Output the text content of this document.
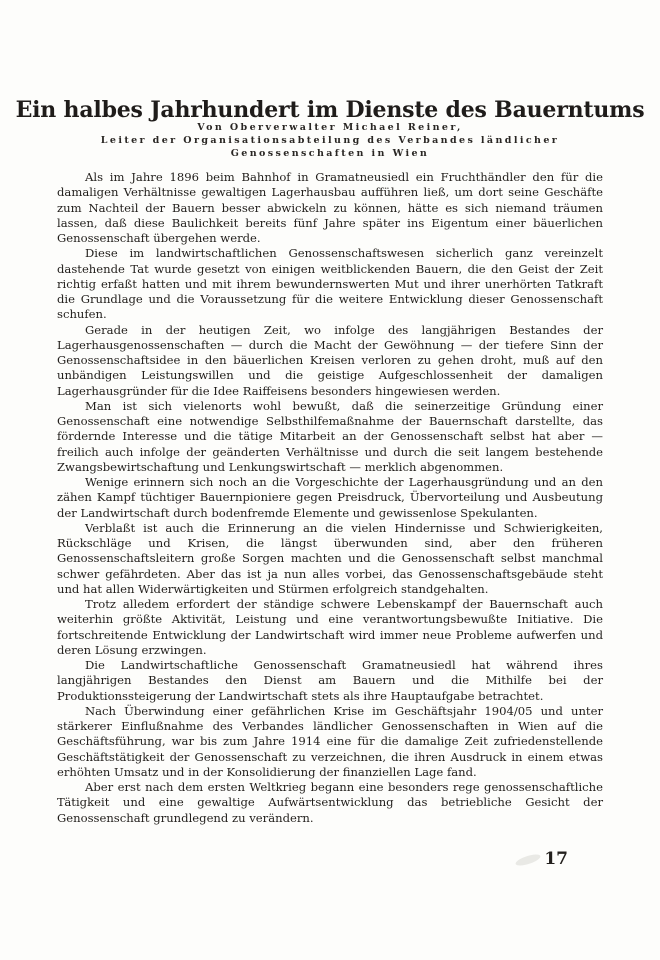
Ein halbes Jahrhundert im Dienste des Bauerntums
Von Oberverwalter Michael Reiner,
Leiter der Organisationsabteilung des Verbandes ländlicher
Genossenschaften in Wien

Als im Jahre 1896 beim Bahnhof in Gramatneusiedl ein Fruchthändler den für die damaligen Verhältnisse gewaltigen Lagerhausbau aufführen ließ, um dort seine Geschäfte zum Nachteil der Bauern besser abwickeln zu können, hätte es sich niemand träumen lassen, daß diese Baulichkeit bereits fünf Jahre später ins Eigentum einer bäuerlichen Genossenschaft übergehen werde.

Diese im landwirtschaftlichen Genossenschaftswesen sicherlich ganz vereinzelt dastehende Tat wurde gesetzt von einigen weitblickenden Bauern, die den Geist der Zeit richtig erfaßt hatten und mit ihrem bewundernswerten Mut und ihrer unerhörten Tatkraft die Grundlage und die Voraussetzung für die weitere Entwicklung dieser Genossenschaft schufen.

Gerade in der heutigen Zeit, wo infolge des langjährigen Bestandes der Lagerhausgenossenschaften — durch die Macht der Gewöhnung — der tiefere Sinn der Genossenschaftsidee in den bäuerlichen Kreisen verloren zu gehen droht, muß auf den unbändigen Leistungswillen und die geistige Aufgeschlossenheit der damaligen Lagerhausgründer für die Idee Raiffeisens besonders hingewiesen werden.

Man ist sich vielenorts wohl bewußt, daß die seinerzeitige Gründung einer Genossenschaft eine notwendige Selbsthilfemaßnahme der Bauernschaft darstellte, das fördernde Interesse und die tätige Mitarbeit an der Genossenschaft selbst hat aber — freilich auch infolge der geänderten Verhältnisse und durch die seit langem bestehende Zwangsbewirtschaftung und Lenkungswirtschaft — merklich abgenommen.

Wenige erinnern sich noch an die Vorgeschichte der Lagerhausgründung und an den zähen Kampf tüchtiger Bauernpioniere gegen Preisdruck, Übervorteilung und Ausbeutung der Landwirtschaft durch bodenfremde Elemente und gewissenlose Spekulanten.

Verblaßt ist auch die Erinnerung an die vielen Hindernisse und Schwierigkeiten, Rückschläge und Krisen, die längst überwunden sind, aber den früheren Genossenschaftsleitern große Sorgen machten und die Genossenschaft selbst manchmal schwer gefährdeten. Aber das ist ja nun alles vorbei, das Genossenschaftsgebäude steht und hat allen Widerwärtigkeiten und Stürmen erfolgreich standgehalten.

Trotz alledem erfordert der ständige schwere Lebenskampf der Bauernschaft auch weiterhin größte Aktivität, Leistung und eine verantwortungsbewußte Initiative. Die fortschreitende Entwicklung der Landwirtschaft wird immer neue Probleme aufwerfen und deren Lösung erzwingen.

Die Landwirtschaftliche Genossenschaft Gramatneusiedl hat während ihres langjährigen Bestandes den Dienst am Bauern und die Mithilfe bei der Produktionssteigerung der Landwirtschaft stets als ihre Hauptaufgabe betrachtet.

Nach Überwindung einer gefährlichen Krise im Geschäftsjahr 1904/05 und unter stärkerer Einflußnahme des Verbandes ländlicher Genossenschaften in Wien auf die Geschäftsführung, war bis zum Jahre 1914 eine für die damalige Zeit zufriedenstellende Geschäftstätigkeit der Genossenschaft zu verzeichnen, die ihren Ausdruck in einem etwas erhöhten Umsatz und in der Konsolidierung der finanziellen Lage fand.

Aber erst nach dem ersten Weltkrieg begann eine besonders rege genossenschaftliche Tätigkeit und eine gewaltige Aufwärtsentwicklung das betriebliche Gesicht der Genossenschaft grundlegend zu verändern.

17
